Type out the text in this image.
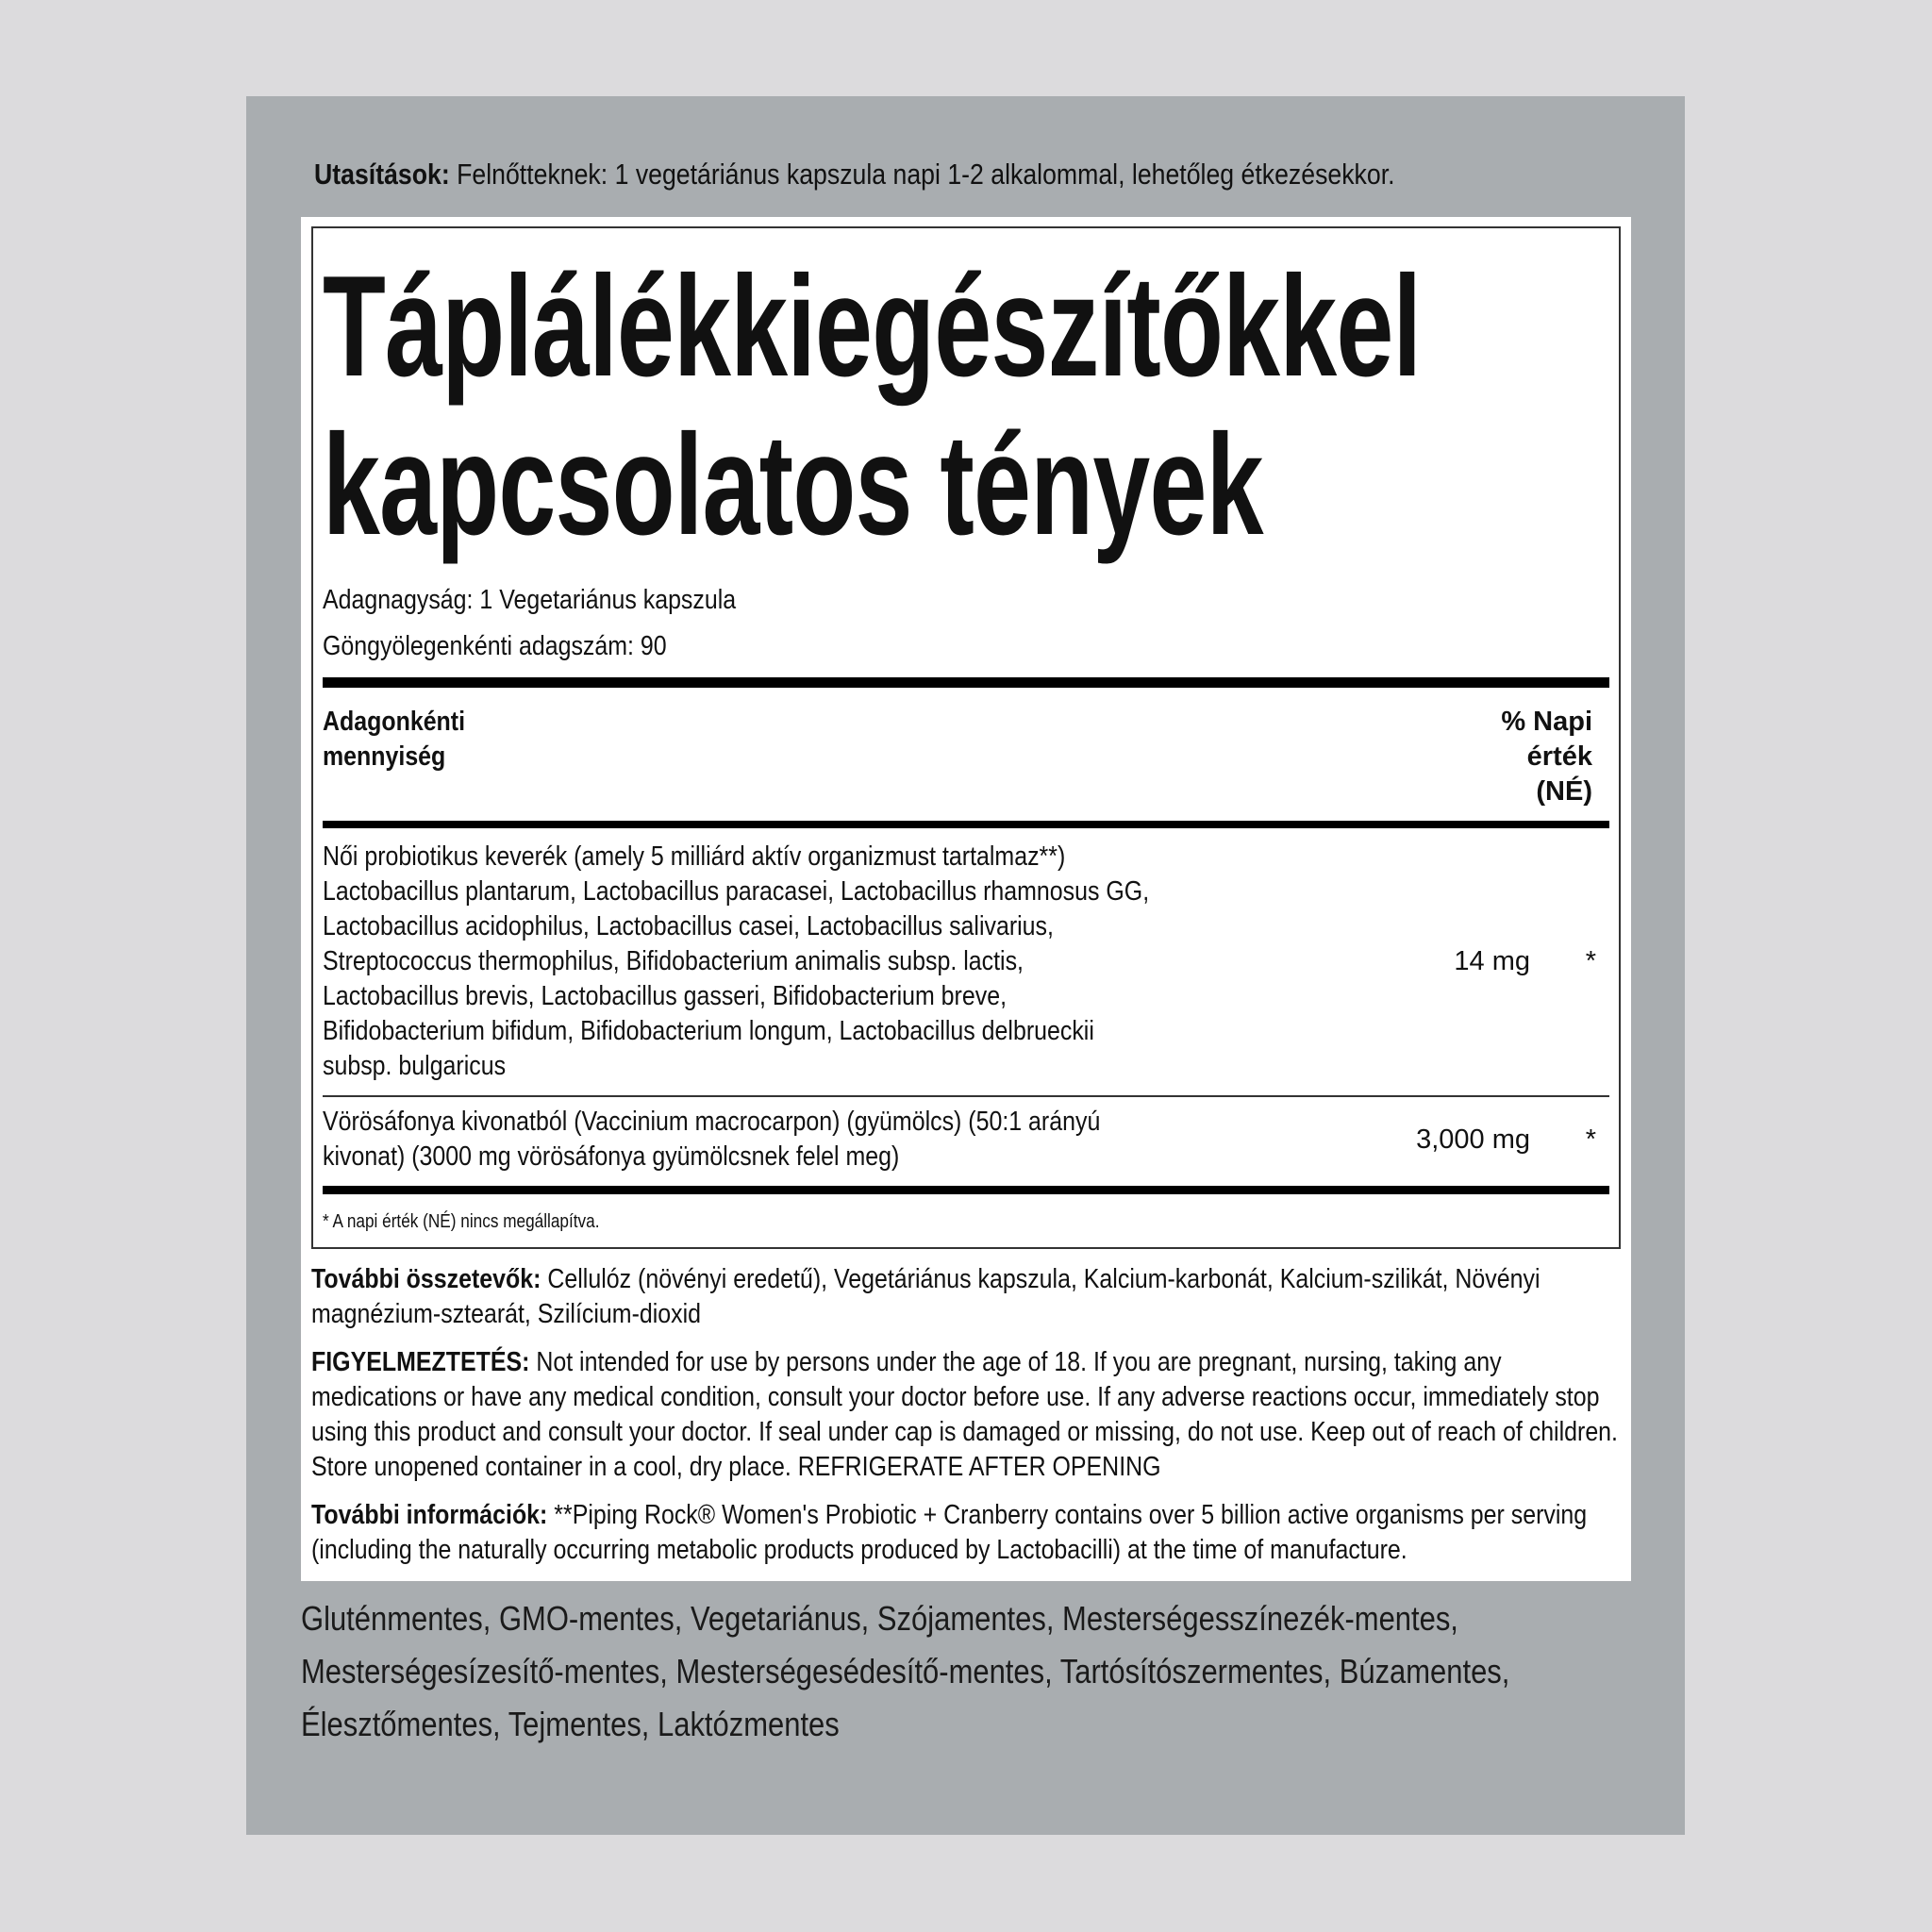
Utasítások: Felnőtteknek: 1 vegetáriánus kapszula napi 1-2 alkalommal, lehetőleg étkezésekkor.
Táplálékkiegészítőkkel
kapcsolatos tények
Adagnagyság: 1 Vegetariánus kapszula
Göngyölegenkénti adagszám: 90
Adagonkénti
mennyiség
% Napi
érték
(NÉ)
Női probiotikus keverék (amely 5 milliárd aktív organizmust tartalmaz**)
Lactobacillus plantarum, Lactobacillus paracasei, Lactobacillus rhamnosus GG,
Lactobacillus acidophilus, Lactobacillus casei, Lactobacillus salivarius,
Streptococcus thermophilus, Bifidobacterium animalis subsp. lactis,
Lactobacillus brevis, Lactobacillus gasseri, Bifidobacterium breve,
Bifidobacterium bifidum, Bifidobacterium longum, Lactobacillus delbrueckii
subsp. bulgaricus
14 mg	*
Vörösáfonya kivonatból (Vaccinium macrocarpon) (gyümölcs) (50:1 arányú
kivonat) (3000 mg vörösáfonya gyümölcsnek felel meg)
3,000 mg	*
* A napi érték (NÉ) nincs megállapítva.
További összetevők: Cellulóz (növényi eredetű), Vegetáriánus kapszula, Kalcium-karbonát, Kalcium-szilikát, Növényi magnézium-sztearát, Szilícium-dioxid
FIGYELMEZTETÉS: Not intended for use by persons under the age of 18. If you are pregnant, nursing, taking any medications or have any medical condition, consult your doctor before use. If any adverse reactions occur, immediately stop using this product and consult your doctor. If seal under cap is damaged or missing, do not use. Keep out of reach of children. Store unopened container in a cool, dry place. REFRIGERATE AFTER OPENING
További információk: **Piping Rock® Women's Probiotic + Cranberry contains over 5 billion active organisms per serving (including the naturally occurring metabolic products produced by Lactobacilli) at the time of manufacture.
Gluténmentes, GMO-mentes, Vegetariánus, Szójamentes, Mesterségesszínezék-mentes, Mesterségesízesítő-mentes, Mesterségesédesítő-mentes, Tartósítószermentes, Búzamentes, Élesztőmentes, Tejmentes, Laktózmentes
